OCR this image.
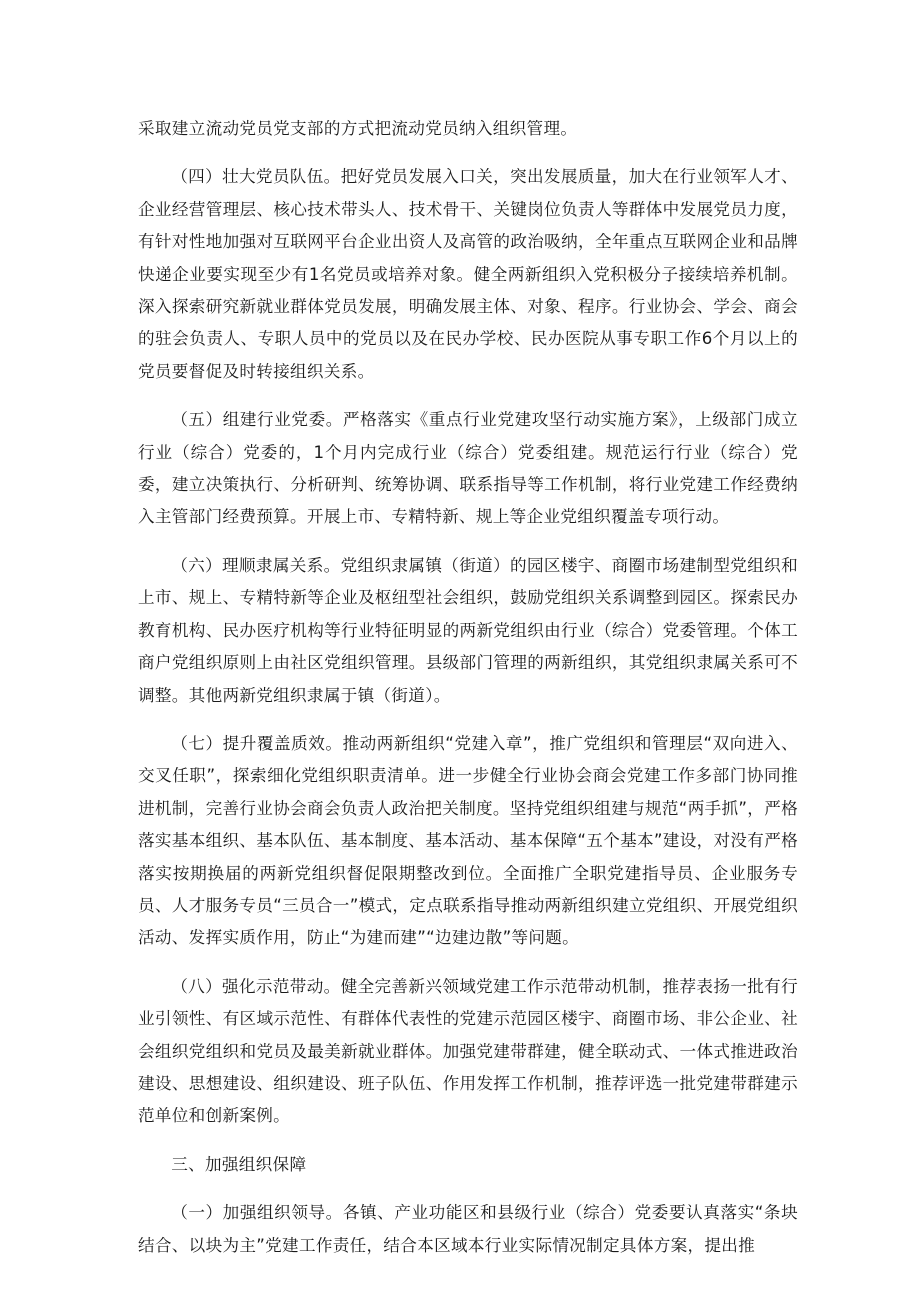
采取建立流动党员党支部的方式把流动党员纳入组织管理。

（四）壮大党员队伍。把好党员发展入口关，突出发展质量，加大在行业领军人才、企业经营管理层、核心技术带头人、技术骨干、关键岗位负责人等群体中发展党员力度，有针对性地加强对互联网平台企业出资人及高管的政治吸纳，全年重点互联网企业和品牌快递企业要实现至少有1名党员或培养对象。健全两新组织入党积极分子接续培养机制。深入探索研究新就业群体党员发展，明确发展主体、对象、程序。行业协会、学会、商会的驻会负责人、专职人员中的党员以及在民办学校、民办医院从事专职工作6个月以上的党员要督促及时转接组织关系。

（五）组建行业党委。严格落实《重点行业党建攻坚行动实施方案》，上级部门成立行业（综合）党委的，1个月内完成行业（综合）党委组建。规范运行行业（综合）党委，建立决策执行、分析研判、统筹协调、联系指导等工作机制，将行业党建工作经费纳入主管部门经费预算。开展上市、专精特新、规上等企业党组织覆盖专项行动。

（六）理顺隶属关系。党组织隶属镇（街道）的园区楼宇、商圈市场建制型党组织和上市、规上、专精特新等企业及枢纽型社会组织，鼓励党组织关系调整到园区。探索民办教育机构、民办医疗机构等行业特征明显的两新党组织由行业（综合）党委管理。个体工商户党组织原则上由社区党组织管理。县级部门管理的两新组织，其党组织隶属关系可不调整。其他两新党组织隶属于镇（街道）。

（七）提升覆盖质效。推动两新组织“党建入章”，推广党组织和管理层“双向进入、交叉任职”，探索细化党组织职责清单。进一步健全行业协会商会党建工作多部门协同推进机制，完善行业协会商会负责人政治把关制度。坚持党组织组建与规范“两手抓”，严格落实基本组织、基本队伍、基本制度、基本活动、基本保障“五个基本”建设，对没有严格落实按期换届的两新党组织督促限期整改到位。全面推广全职党建指导员、企业服务专员、人才服务专员“三员合一”模式，定点联系指导推动两新组织建立党组织、开展党组织活动、发挥实质作用，防止“为建而建”“边建边散”等问题。

（八）强化示范带动。健全完善新兴领域党建工作示范带动机制，推荐表扬一批有行业引领性、有区域示范性、有群体代表性的党建示范园区楼宇、商圈市场、非公企业、社会组织党组织和党员及最美新就业群体。加强党建带群建，健全联动式、一体式推进政治建设、思想建设、组织建设、班子队伍、作用发挥工作机制，推荐评选一批党建带群建示范单位和创新案例。

三、加强组织保障

（一）加强组织领导。各镇、产业功能区和县级行业（综合）党委要认真落实“条块结合、以块为主”党建工作责任，结合本区域本行业实际情况制定具体方案，提出推
